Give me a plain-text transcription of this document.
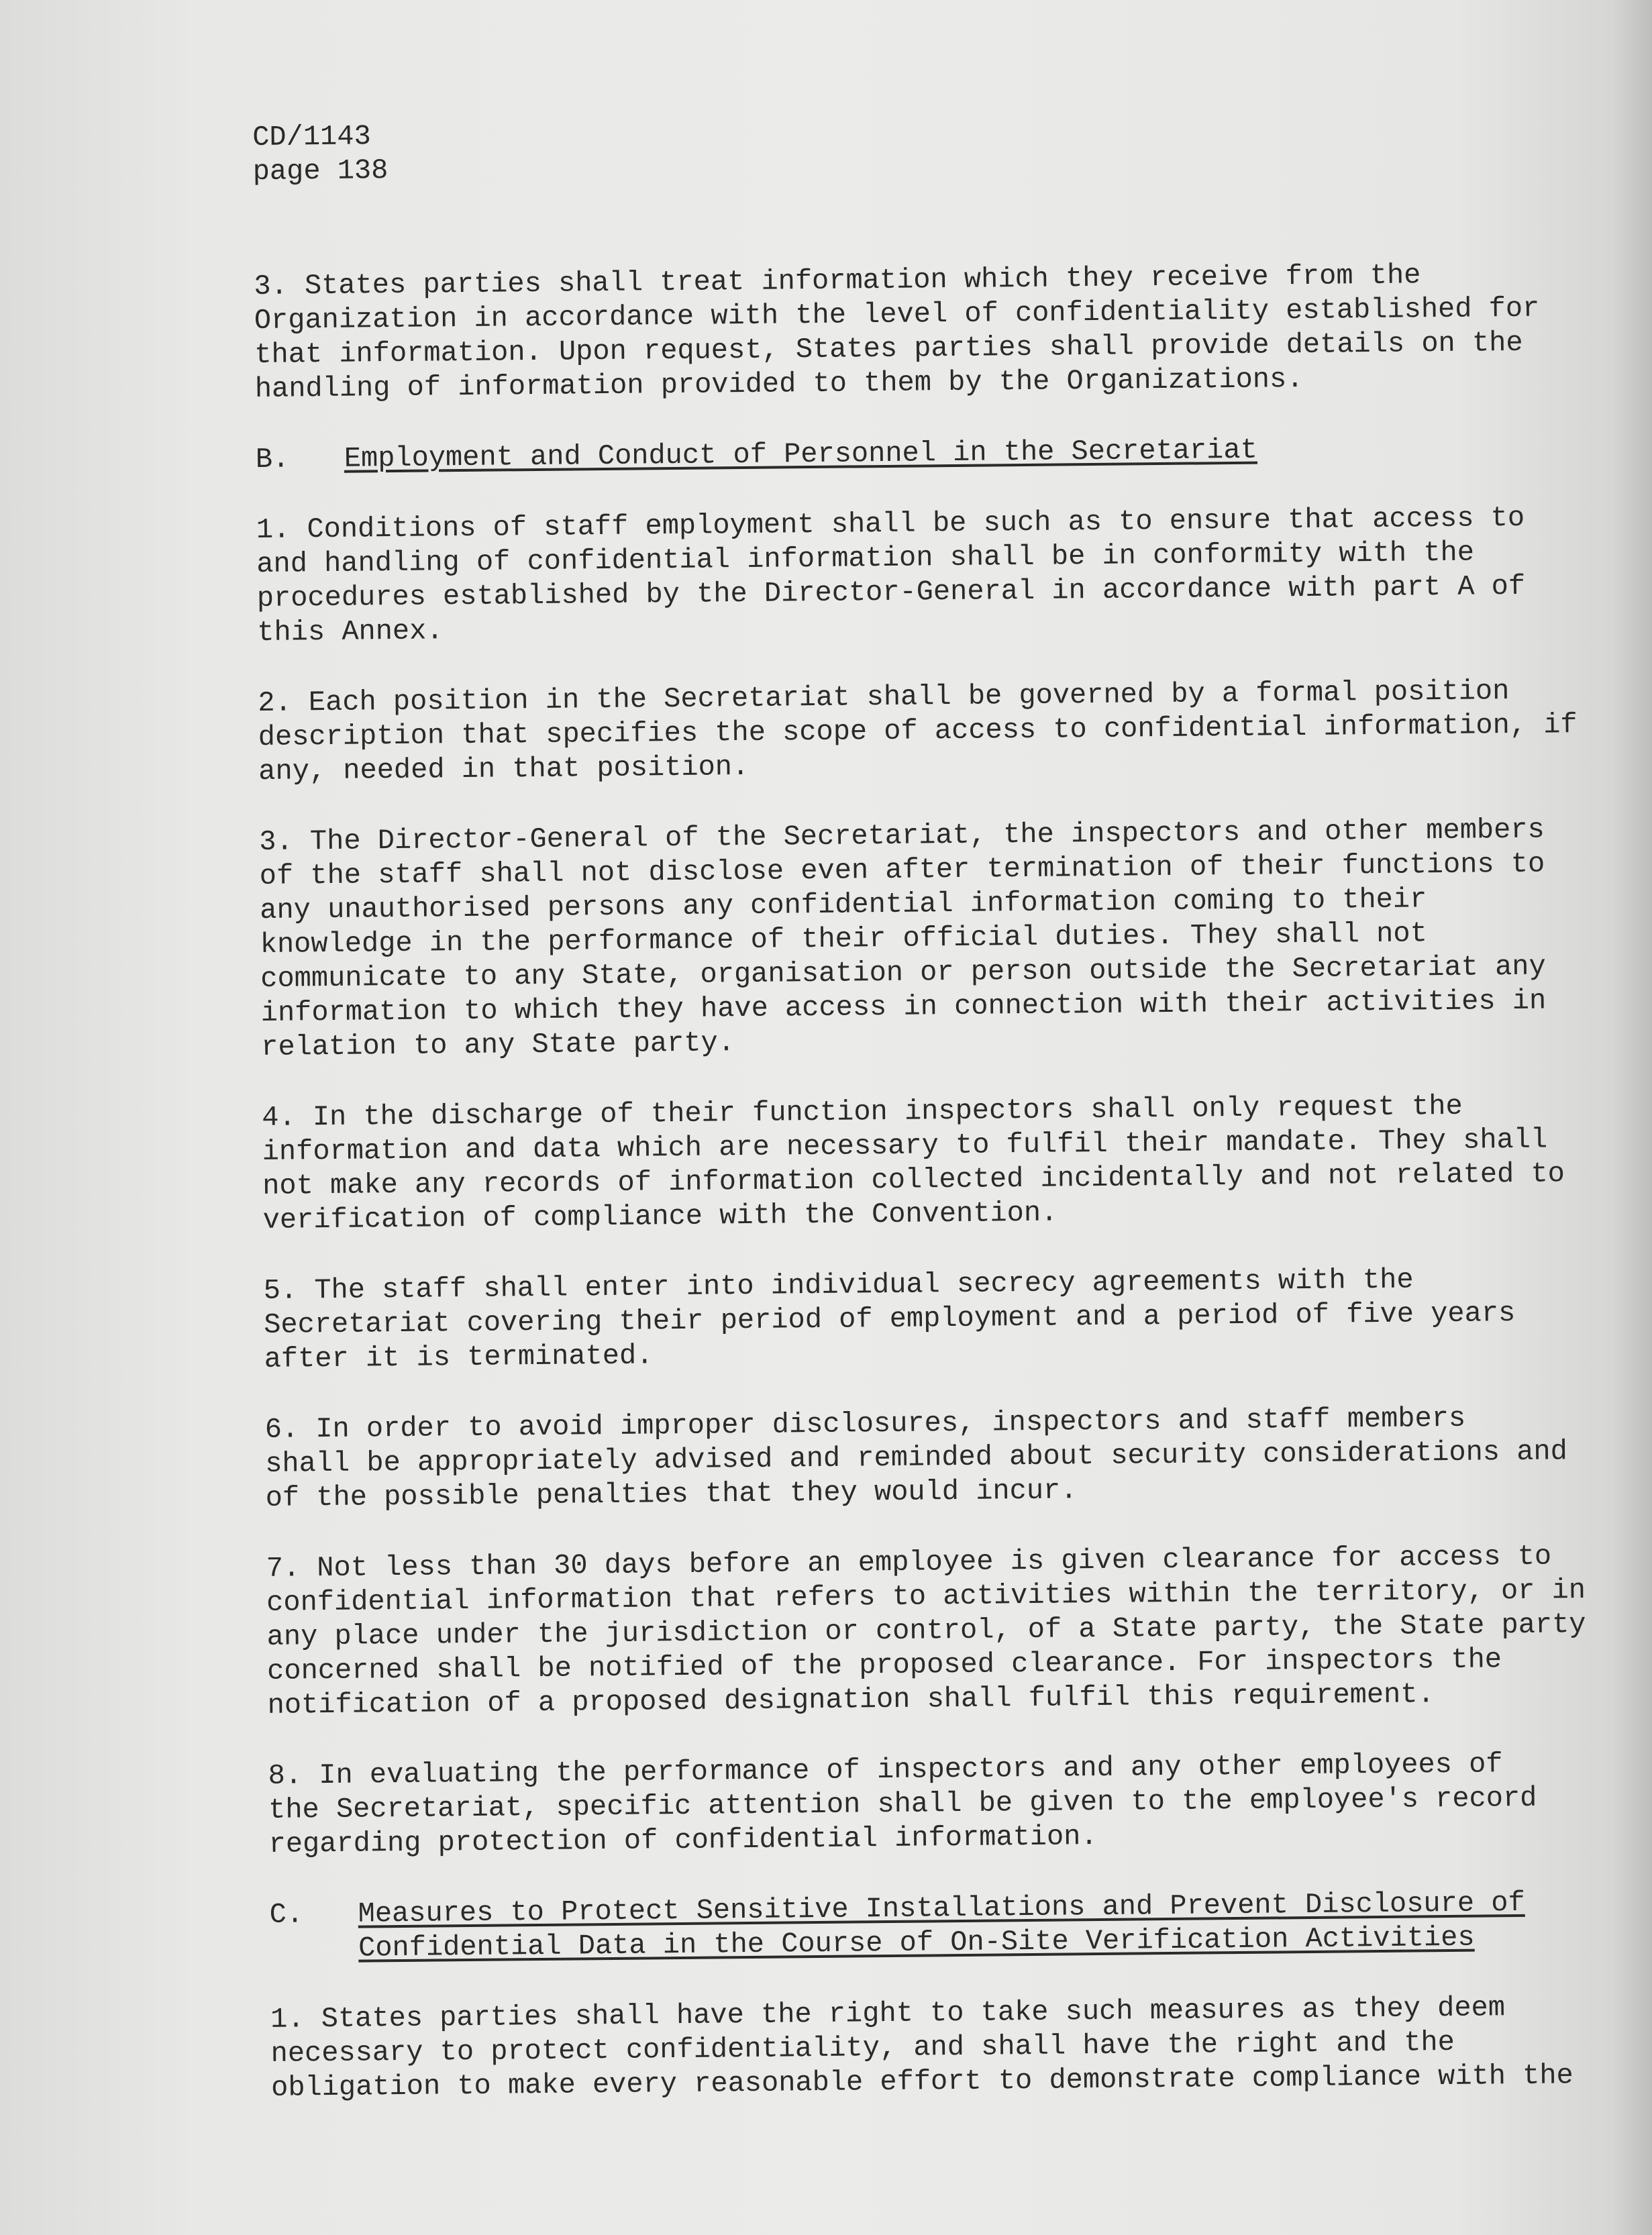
CD/1143
page 138
3. States parties shall treat information which they receive from the
Organization in accordance with the level of confidentiality established for
that information. Upon request, States parties shall provide details on the
handling of information provided to them by the Organizations.
B.	Employment and Conduct of Personnel in the Secretariat
1. Conditions of staff employment shall be such as to ensure that access to
and handling of confidential information shall be in conformity with the
procedures established by the Director-General in accordance with part A of
this Annex.
2. Each position in the Secretariat shall be governed by a formal position
description that specifies the scope of access to confidential information, if
any, needed in that position.
3. The Director-General of the Secretariat, the inspectors and other members
of the staff shall not disclose even after termination of their functions to
any unauthorised persons any confidential information coming to their
knowledge in the performance of their official duties. They shall not
communicate to any State, organisation or person outside the Secretariat any
information to which they have access in connection with their activities in
relation to any State party.
4. In the discharge of their function inspectors shall only request the
information and data which are necessary to fulfil their mandate. They shall
not make any records of information collected incidentally and not related to
verification of compliance with the Convention.
5. The staff shall enter into individual secrecy agreements with the
Secretariat covering their period of employment and a period of five years
after it is terminated.
6. In order to avoid improper disclosures, inspectors and staff members
shall be appropriately advised and reminded about security considerations and
of the possible penalties that they would incur.
7. Not less than 30 days before an employee is given clearance for access to
confidential information that refers to activities within the territory, or in
any place under the jurisdiction or control, of a State party, the State party
concerned shall be notified of the proposed clearance. For inspectors the
notification of a proposed designation shall fulfil this requirement.
8. In evaluating the performance of inspectors and any other employees of
the Secretariat, specific attention shall be given to the employee's record
regarding protection of confidential information.
C.	Measures to Protect Sensitive Installations and Prevent Disclosure of
Confidential Data in the Course of On-Site Verification Activities
1. States parties shall have the right to take such measures as they deem
necessary to protect confidentiality, and shall have the right and the
obligation to make every reasonable effort to demonstrate compliance with the
